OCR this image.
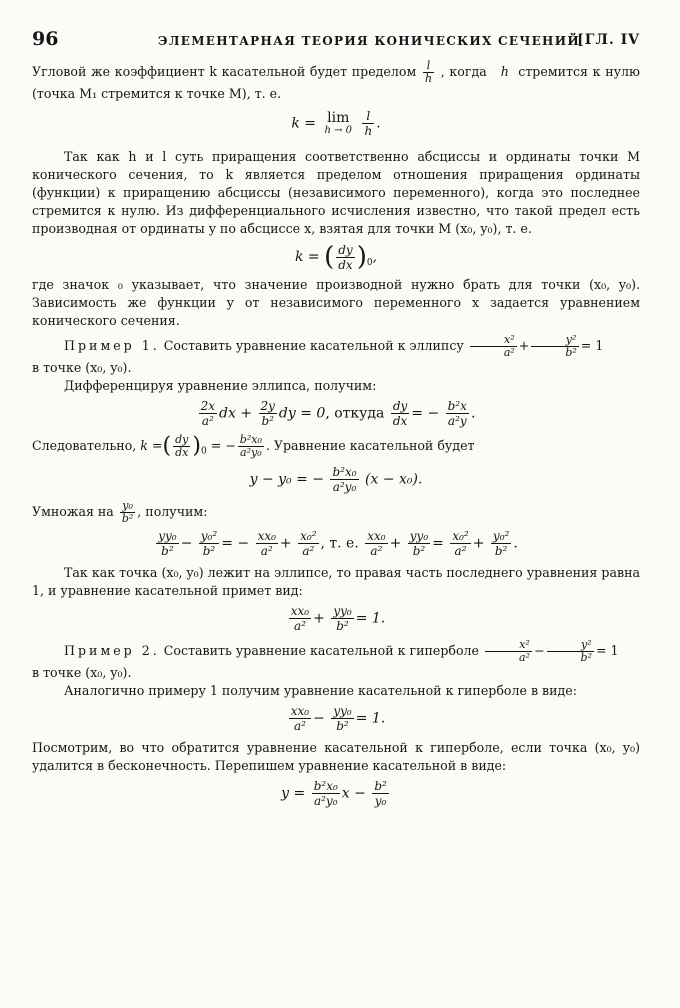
96	ЭЛЕМЕНТАРНАЯ ТЕОРИЯ КОНИЧЕСКИХ СЕЧЕНИЙ
[ГЛ. IV

Угловой же коэффициент k касательной будет пределом $\frac{l}{h}$ , когда h стремится к нулю (точка M₁ стремится к точке M), т. е.

k = lim
h → 0
$\frac{l}{h}$ .

Так как h и l суть приращения соответственно абсциссы и ординаты точки M конического сечения, то k является пределом отношения приращения ординаты (функции) к приращению абсциссы (независимого переменного), когда это последнее стремится к нулю. Из дифференциального исчисления известно, что такой предел есть производная от ординаты y по абсциссе x, взятая для точки M (x₀, y₀), т. е.

k = ( $\frac{dy}{dx} )_0$,

где значок ₀ указывает, что значение производной нужно брать для точки (x₀, y₀). Зависимость же функции y от независимого переменного x задается уравнением конического сечения.

Пример 1. Составить уравнение касательной к эллипсу $\frac{\text{x²}}{\text{a²}} + \frac{\text{y²}}{\text{b²}} = 1$

в точке (x₀, y₀).

Дифференцируя уравнение эллипса, получим:

$\frac{2x}{\text{a²}}$ dx + $\frac{2y}{\text{b²}}$ dy = 0, откуда $\frac{dy}{dx}$ = − $\frac{\text{b²x}}{\text{a²y}}$ .

Следовательно, k =( $\frac{dy}{dx} )_0$ = − $\frac{\text{b²x₀}}{\text{a²y₀}}$ . Уравнение касательной будет

y − y₀ = − $\frac{\text{b²x₀}}{\text{a²y₀}} (x - x_0)$.

Умножая на $\frac{\text{y₀}}{\text{b²}}$ , получим:

$\frac{\text{yy₀}}{\text{b²}} - \frac{\text{y₀²}}{\text{b²}}$ = − $\frac{\text{xx₀}}{\text{a²}} + \frac{\text{x₀²}}{\text{a²}}$ , т. е. $\frac{\text{xx₀}}{\text{a²}} + \frac{\text{yy₀}}{\text{b²}} = \frac{\text{x₀²}}{\text{a²}} + \frac{\text{y₀²}}{\text{b²}}$ .

Так как точка (x₀, y₀) лежит на эллипсе, то правая часть последнего уравнения равна 1, и уравнение касательной примет вид:

$\frac{\text{xx₀}}{\text{a²}} + \frac{\text{yy₀}}{\text{b²}} = 1$.

Пример 2. Составить уравнение касательной к гиперболе $\frac{\text{x²}}{\text{a²}} - \frac{\text{y²}}{\text{b²}} = 1$

в точке (x₀, y₀).

Аналогично примеру 1 получим уравнение касательной к гиперболе в виде:

$\frac{\text{xx₀}}{\text{a²}} - \frac{\text{yy₀}}{\text{b²}} = 1$.

Посмотрим, во что обратится уравнение касательной к гиперболе, если точка (x₀, y₀) удалится в бесконечность. Перепишем уравнение касательной в виде:

$y = \frac{\text{b²x₀}}{\text{a²y₀}}$ $x - \frac{\text{b²}}{\text{y₀}}$
